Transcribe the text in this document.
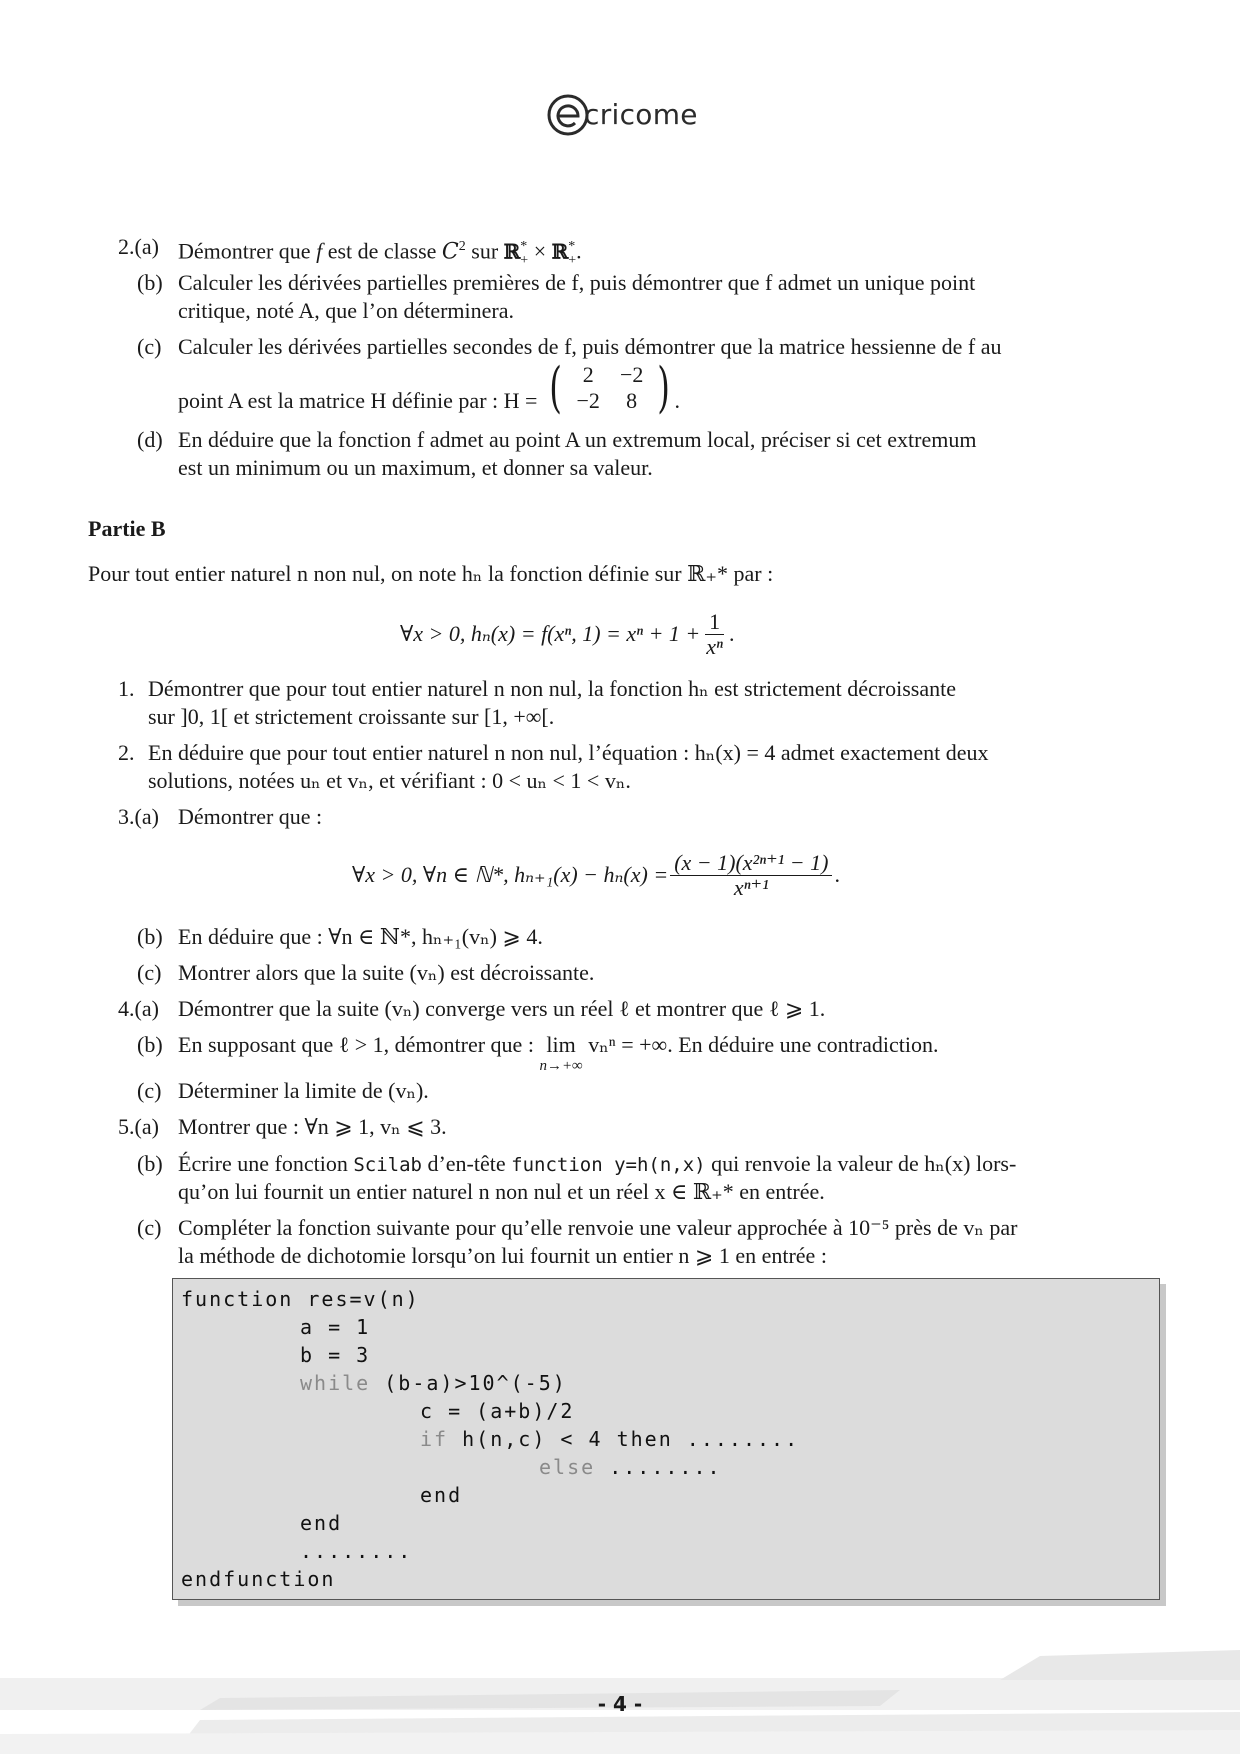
cricome
2.(a) Démontrer que f est de classe $C^2$ sur ℝ*$_+$ × ℝ*$_+$.
(b) Calculer les dérivées partielles premières de f, puis démontrer que f admet un unique point
critique, noté A, que l’on déterminera.
(c) Calculer les dérivées partielles secondes de f, puis démontrer que la matrice hessienne de f au
point A est la matrice H définie par : H = ( 2	−2
−2	8 ) .
(d) En déduire que la fonction f admet au point A un extremum local, préciser si cet extremum
est un minimum ou un maximum, et donner sa valeur.
Partie B
Pour tout entier naturel n non nul, on note hₙ la fonction définie sur ℝ₊* par :
∀x > 0, hₙ(x) = f(xⁿ, $1) = x^n + 1 + \frac{1}{\text{xⁿ}}$ .
1. Démontrer que pour tout entier naturel n non nul, la fonction hₙ est strictement décroissante
sur ]0, 1[ et strictement croissante sur [1, +∞[.
2. En déduire que pour tout entier naturel n non nul, l’équation : hₙ(x) = 4 admet exactement deux
solutions, notées uₙ et vₙ, et vérifiant : 0 < uₙ < 1 < vₙ.
3.(a) Démontrer que :
∀x > 0, ∀n ∈ ℕ*, $h_{n+1}(x) - h_n(x) = \frac{\text{(x − 1)(x²ⁿ⁺¹ − 1)}}{\text{xⁿ⁺¹}}$ .
(b) En déduire que : ∀n ∈ ℕ*, hₙ₊₁(vₙ) ⩾ 4.
(c) Montrer alors que la suite (vₙ) est décroissante.
4.(a) Démontrer que la suite (vₙ) converge vers un réel ℓ et montrer que ℓ ⩾ 1.
(b) En supposant que ℓ > 1, démontrer que : lim
n→+∞
vₙⁿ = +∞. En déduire une contradiction.
(c) Déterminer la limite de (vₙ).
5.(a) Montrer que : ∀n ⩾ 1, vₙ ⩽ 3.
(b) Écrire une fonction Scilab d’en-tête function y=h(n,x) qui renvoie la valeur de hₙ(x) lors-
qu’on lui fournit un entier naturel n non nul et un réel x ∈ ℝ₊* en entrée.
(c) Compléter la fonction suivante pour qu’elle renvoie une valeur approchée à 10⁻⁵ près de vₙ par
la méthode de dichotomie lorsqu’on lui fournit un entier n ⩾ 1 en entrée :
function res=v(n)
a = 1
b = 3
while (b-a)>10^(-5)
c = (a+b)/2
if h(n,c) < 4 then ........
else ........
end
end
........
endfunction
- 4 -
